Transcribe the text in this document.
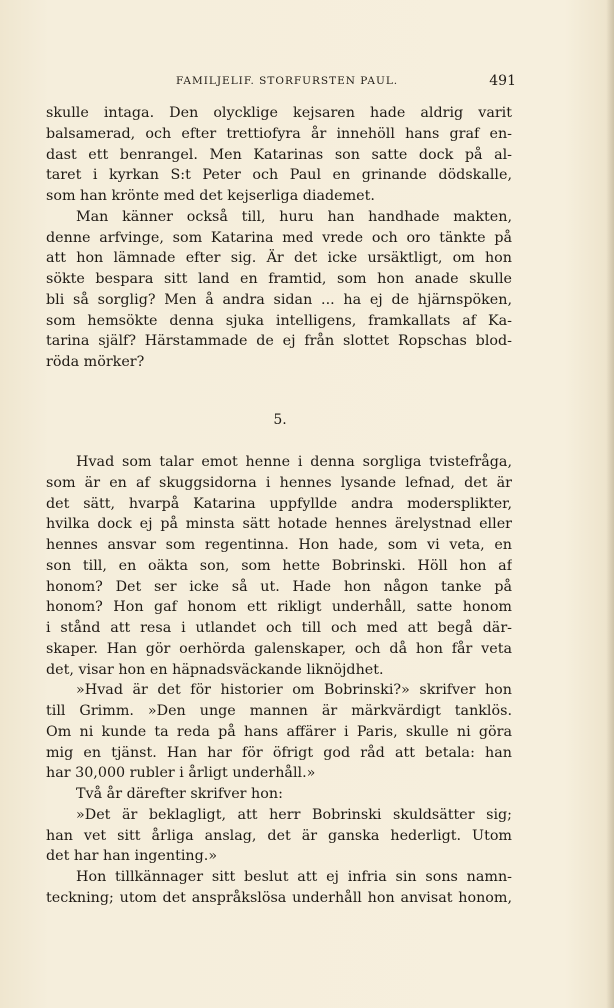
FAMILJELIF. STORFURSTEN PAUL.	491
skulle intaga. Den olycklige kejsaren hade aldrig varit
balsamerad, och efter trettiofyra år innehöll hans graf en-
dast ett benrangel. Men Katarinas son satte dock på al-
taret i kyrkan S:t Peter och Paul en grinande dödskalle,
som han krönte med det kejserliga diademet.
Man känner också till, huru han handhade makten,
denne arfvinge, som Katarina med vrede och oro tänkte på
att hon lämnade efter sig. Är det icke ursäktligt, om hon
sökte bespara sitt land en framtid, som hon anade skulle
bli så sorglig? Men å andra sidan ... ha ej de hjärnspöken,
som hemsökte denna sjuka intelligens, framkallats af Ka-
tarina själf? Härstammade de ej från slottet Ropschas blod-
röda mörker?
5.
Hvad som talar emot henne i denna sorgliga tvistefråga,
som är en af skuggsidorna i hennes lysande lefnad, det är
det sätt, hvarpå Katarina uppfyllde andra modersplikter,
hvilka dock ej på minsta sätt hotade hennes ärelystnad eller
hennes ansvar som regentinna. Hon hade, som vi veta, en
son till, en oäkta son, som hette Bobrinski. Höll hon af
honom? Det ser icke så ut. Hade hon någon tanke på
honom? Hon gaf honom ett rikligt underhåll, satte honom
i stånd att resa i utlandet och till och med att begå där-
skaper. Han gör oerhörda galenskaper, och då hon får veta
det, visar hon en häpnadsväckande liknöjdhet.
»Hvad är det för historier om Bobrinski?» skrifver hon
till Grimm. »Den unge mannen är märkvärdigt tanklös.
Om ni kunde ta reda på hans affärer i Paris, skulle ni göra
mig en tjänst. Han har för öfrigt god råd att betala: han
har 30,000 rubler i årligt underhåll.»
Två år därefter skrifver hon:
»Det är beklagligt, att herr Bobrinski skuldsätter sig;
han vet sitt årliga anslag, det är ganska hederligt. Utom
det har han ingenting.»
Hon tillkännager sitt beslut att ej infria sin sons namn-
teckning; utom det anspråkslösa underhåll hon anvisat honom,
